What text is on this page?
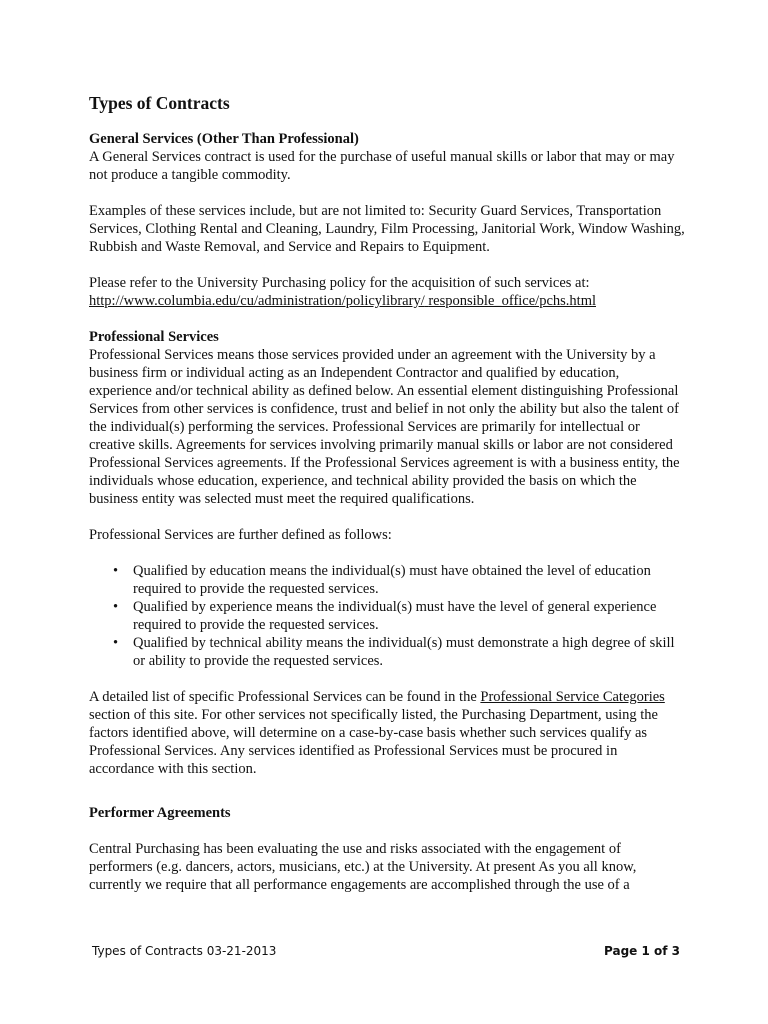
Types of Contracts
General Services (Other Than Professional)

A General Services contract is used for the purchase of useful manual skills or labor that may or may not produce a tangible commodity.

Examples of these services include, but are not limited to: Security Guard Services, Transportation Services, Clothing Rental and Cleaning, Laundry, Film Processing, Janitorial Work, Window Washing, Rubbish and Waste Removal, and Service and Repairs to Equipment.

Please refer to the University Purchasing policy for the acquisition of such services at:
http://www.columbia.edu/cu/administration/policylibrary/ responsible_office/pchs.html
Professional Services

Professional Services means those services provided under an agreement with the University by a business firm or individual acting as an Independent Contractor and qualified by education, experience and/or technical ability as defined below. An essential element distinguishing Professional Services from other services is confidence, trust and belief in not only the ability but also the talent of the individual(s) performing the services. Professional Services are primarily for intellectual or creative skills. Agreements for services involving primarily manual skills or labor are not considered Professional Services agreements. If the Professional Services agreement is with a business entity, the individuals whose education, experience, and technical ability provided the basis on which the business entity was selected must meet the required qualifications.

Professional Services are further defined as follows:

• Qualified by education means the individual(s) must have obtained the level of education required to provide the requested services.
• Qualified by experience means the individual(s) must have the level of general experience required to provide the requested services.
• Qualified by technical ability means the individual(s) must demonstrate a high degree of skill or ability to provide the requested services.

A detailed list of specific Professional Services can be found in the Professional Service Categories section of this site. For other services not specifically listed, the Purchasing Department, using the factors identified above, will determine on a case-by-case basis whether such services qualify as Professional Services. Any services identified as Professional Services must be procured in accordance with this section.

Performer Agreements

Central Purchasing has been evaluating the use and risks associated with the engagement of performers (e.g. dancers, actors, musicians, etc.) at the University. At present As you all know, currently we require that all performance engagements are accomplished through the use of a

Types of Contracts 03-21-2013	Page 1 of 3
